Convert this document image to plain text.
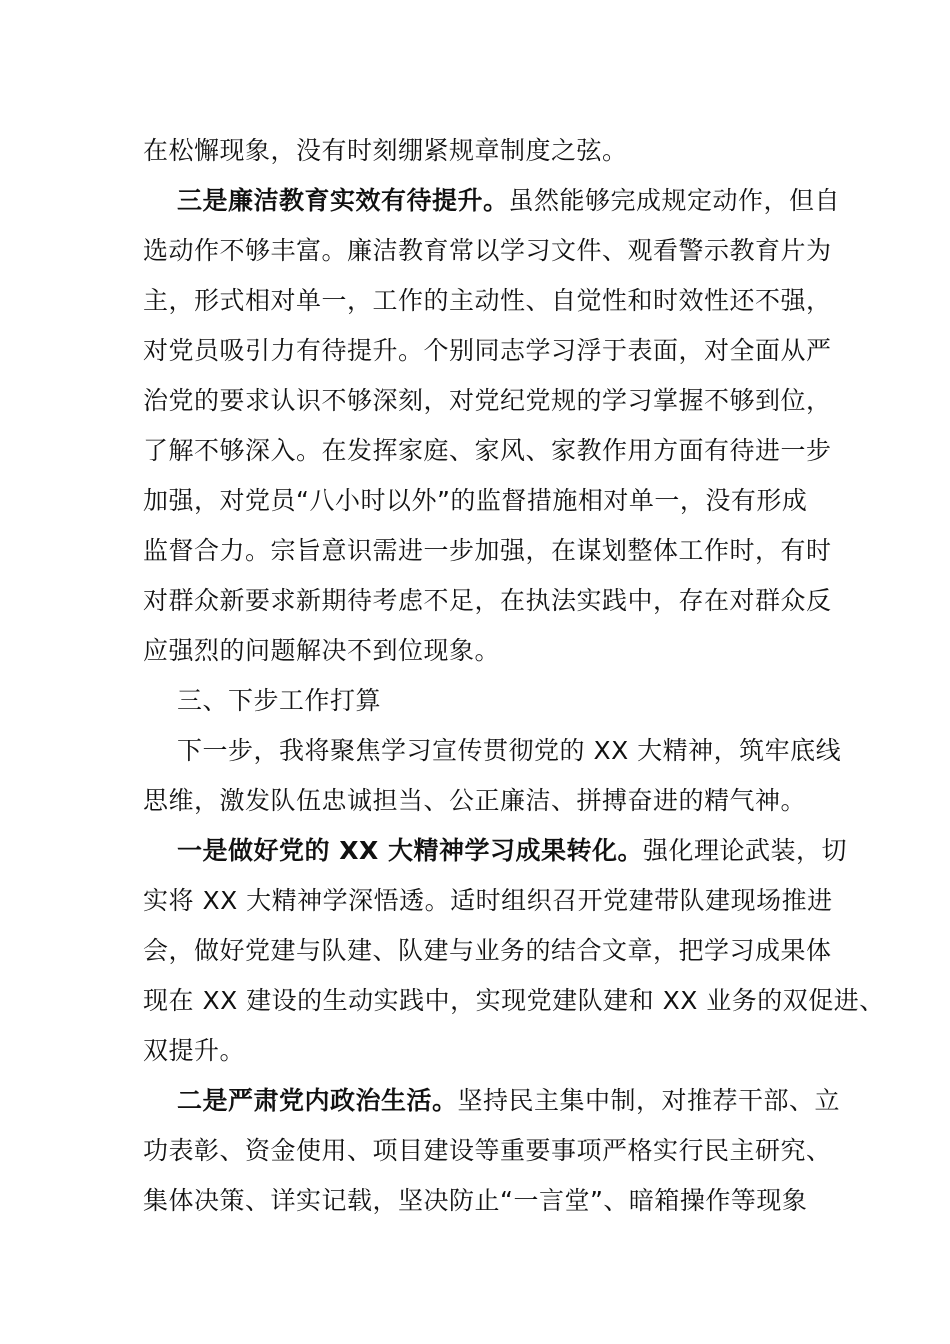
在松懈现象，没有时刻绷紧规章制度之弦。
三是廉洁教育实效有待提升。虽然能够完成规定动作，但自
选动作不够丰富。廉洁教育常以学习文件、观看警示教育片为
主，形式相对单一，工作的主动性、自觉性和时效性还不强，
对党员吸引力有待提升。个别同志学习浮于表面，对全面从严
治党的要求认识不够深刻，对党纪党规的学习掌握不够到位，
了解不够深入。在发挥家庭、家风、家教作用方面有待进一步
加强，对党员“八小时以外”的监督措施相对单一，没有形成
监督合力。宗旨意识需进一步加强，在谋划整体工作时，有时
对群众新要求新期待考虑不足，在执法实践中，存在对群众反
应强烈的问题解决不到位现象。
三、下步工作打算
下一步，我将聚焦学习宣传贯彻党的 XX 大精神，筑牢底线
思维，激发队伍忠诚担当、公正廉洁、拼搏奋进的精气神。
一是做好党的 XX 大精神学习成果转化。强化理论武装，切
实将 XX 大精神学深悟透。适时组织召开党建带队建现场推进
会，做好党建与队建、队建与业务的结合文章，把学习成果体
现在 XX 建设的生动实践中，实现党建队建和 XX 业务的双促进、
双提升。
二是严肃党内政治生活。坚持民主集中制，对推荐干部、立
功表彰、资金使用、项目建设等重要事项严格实行民主研究、
集体决策、详实记载，坚决防止“一言堂”、暗箱操作等现象
